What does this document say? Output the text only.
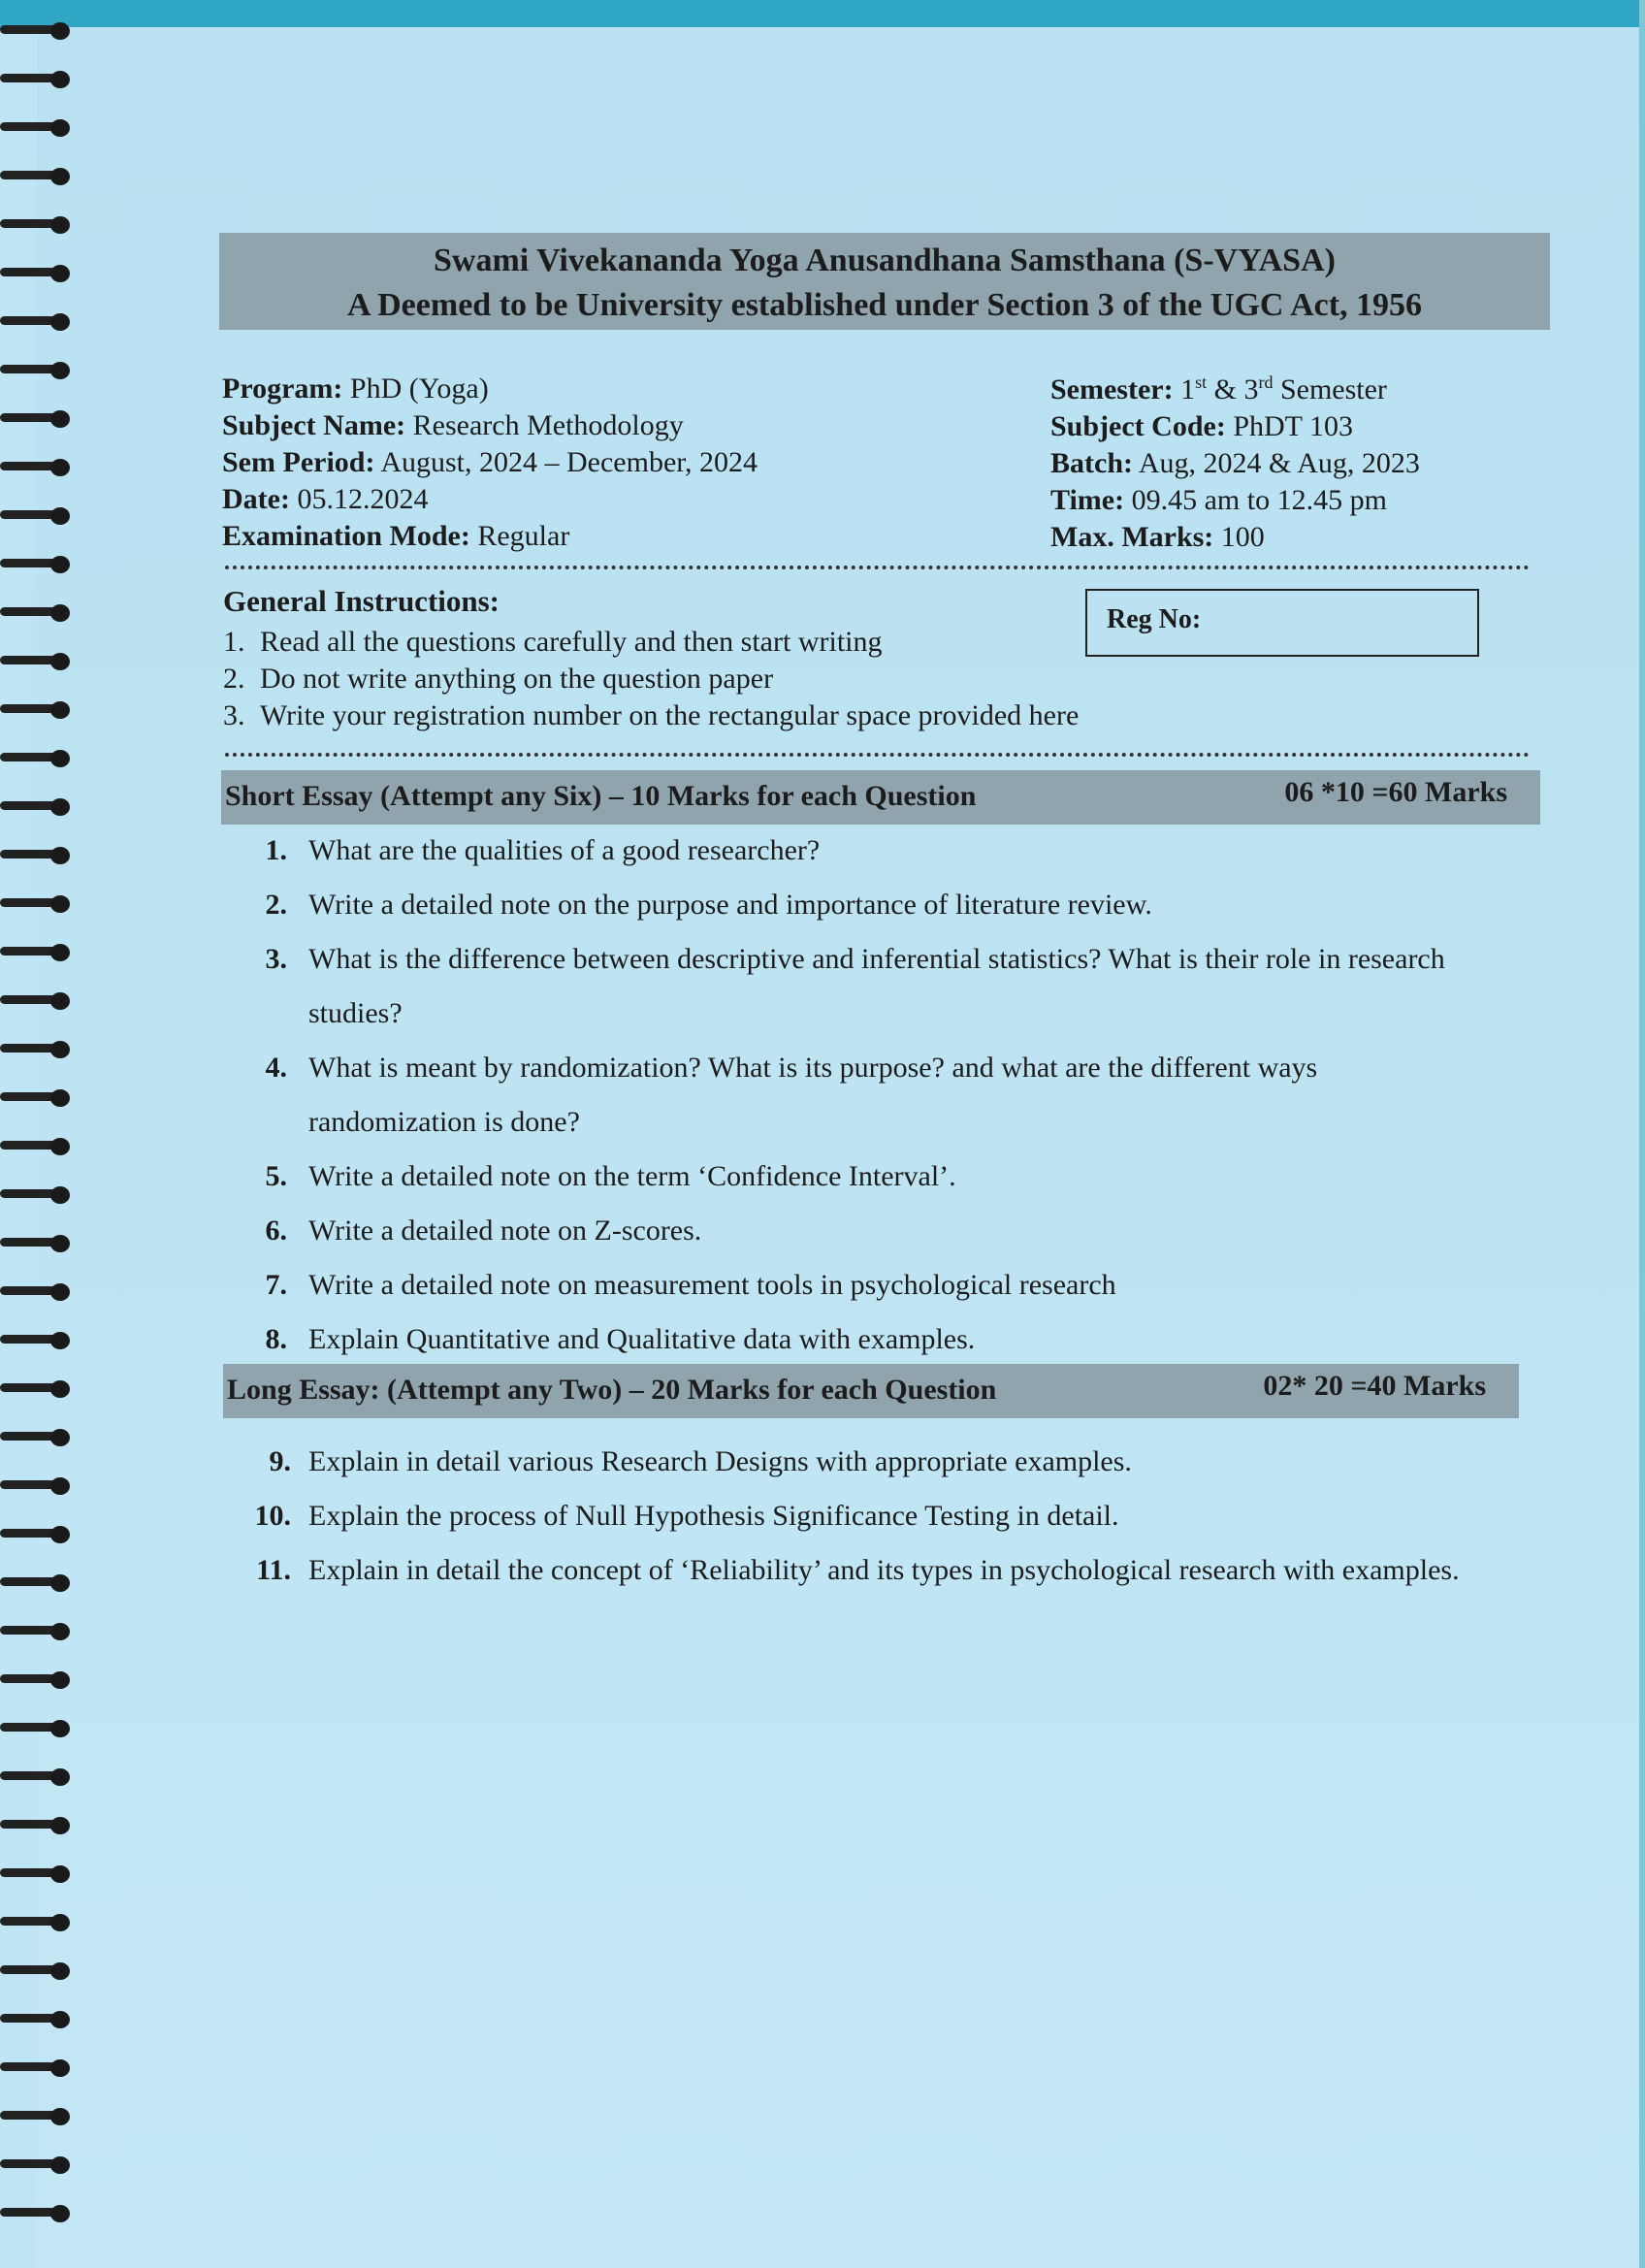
Swami Vivekananda Yoga Anusandhana Samsthana (S-VYASA)
A Deemed to be University established under Section 3 of the UGC Act, 1956
Program: PhD (Yoga)
Subject Name: Research Methodology
Sem Period: August, 2024 – December, 2024
Date: 05.12.2024
Examination Mode: Regular
Semester: 1st & 3rd Semester
Subject Code: PhDT 103
Batch: Aug, 2024 & Aug, 2023
Time: 09.45 am to 12.45 pm
Max. Marks: 100
General Instructions:
1. Read all the questions carefully and then start writing
2. Do not write anything on the question paper
3. Write your registration number on the rectangular space provided here
Reg No:
Short Essay (Attempt any Six) – 10 Marks for each Question	06 *10 =60 Marks
1. What are the qualities of a good researcher?
2. Write a detailed note on the purpose and importance of literature review.
3. What is the difference between descriptive and inferential statistics? What is their role in research
studies?
4. What is meant by randomization? What is its purpose? and what are the different ways
randomization is done?
5. Write a detailed note on the term ‘Confidence Interval’.
6. Write a detailed note on Z-scores.
7. Write a detailed note on measurement tools in psychological research
8. Explain Quantitative and Qualitative data with examples.
Long Essay: (Attempt any Two) – 20 Marks for each Question	02* 20 =40 Marks
9. Explain in detail various Research Designs with appropriate examples.
10. Explain the process of Null Hypothesis Significance Testing in detail.
11. Explain in detail the concept of ‘Reliability’ and its types in psychological research with examples.
